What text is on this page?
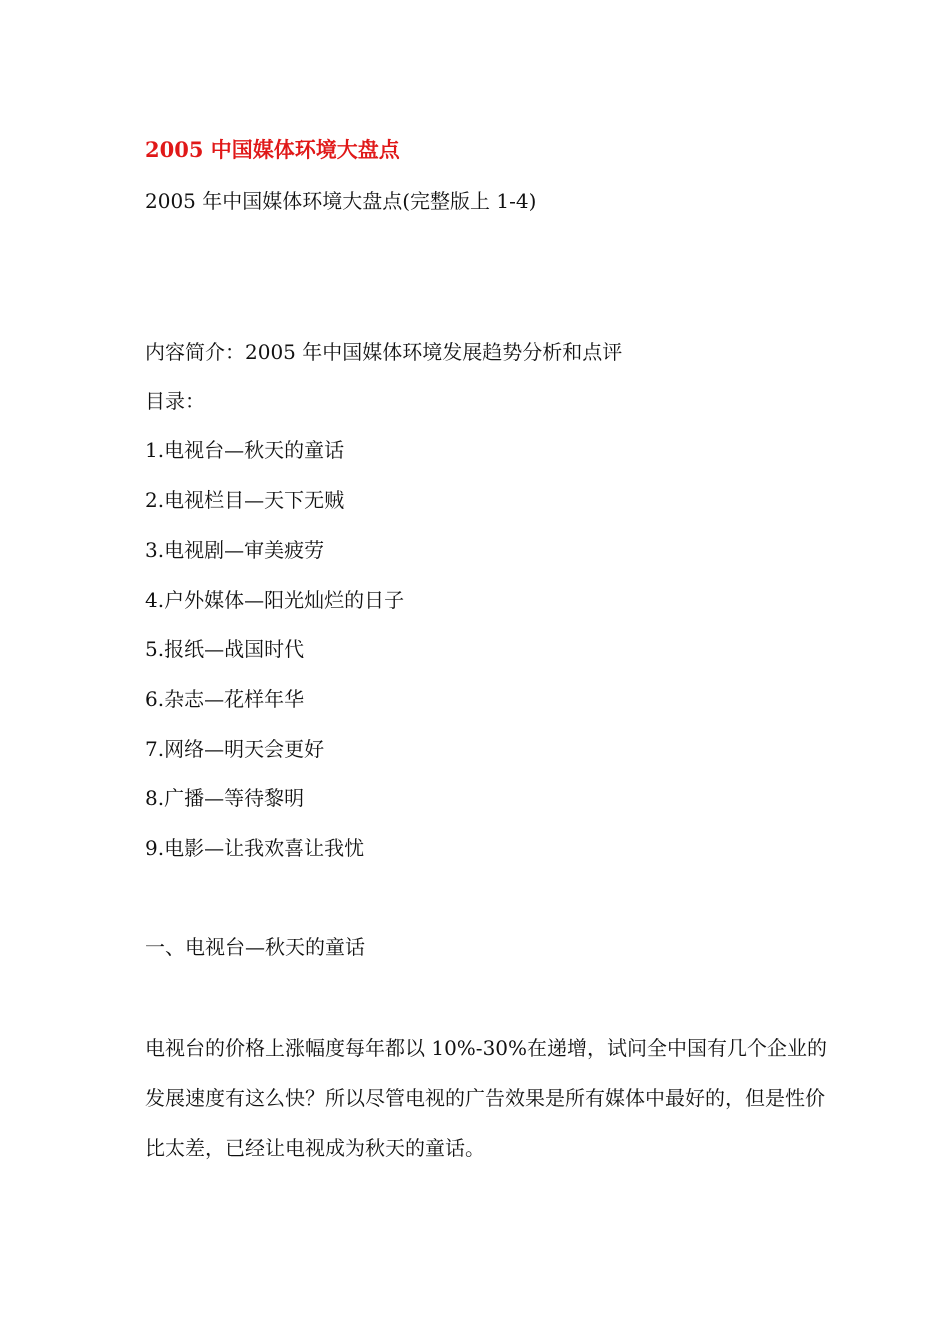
2005 中国媒体环境大盘点
2005 年中国媒体环境大盘点(完整版上 1-4)
内容简介：2005 年中国媒体环境发展趋势分析和点评
目录：
1.电视台—秋天的童话
2.电视栏目—天下无贼
3.电视剧—审美疲劳
4.户外媒体—阳光灿烂的日子
5.报纸—战国时代
6.杂志—花样年华
7.网络—明天会更好
8.广播—等待黎明
9.电影—让我欢喜让我忧
一、电视台—秋天的童话
电视台的价格上涨幅度每年都以 10%-30%在递增，试问全中国有几个企业的发展速度有这么快？所以尽管电视的广告效果是所有媒体中最好的，但是性价比太差，已经让电视成为秋天的童话。
